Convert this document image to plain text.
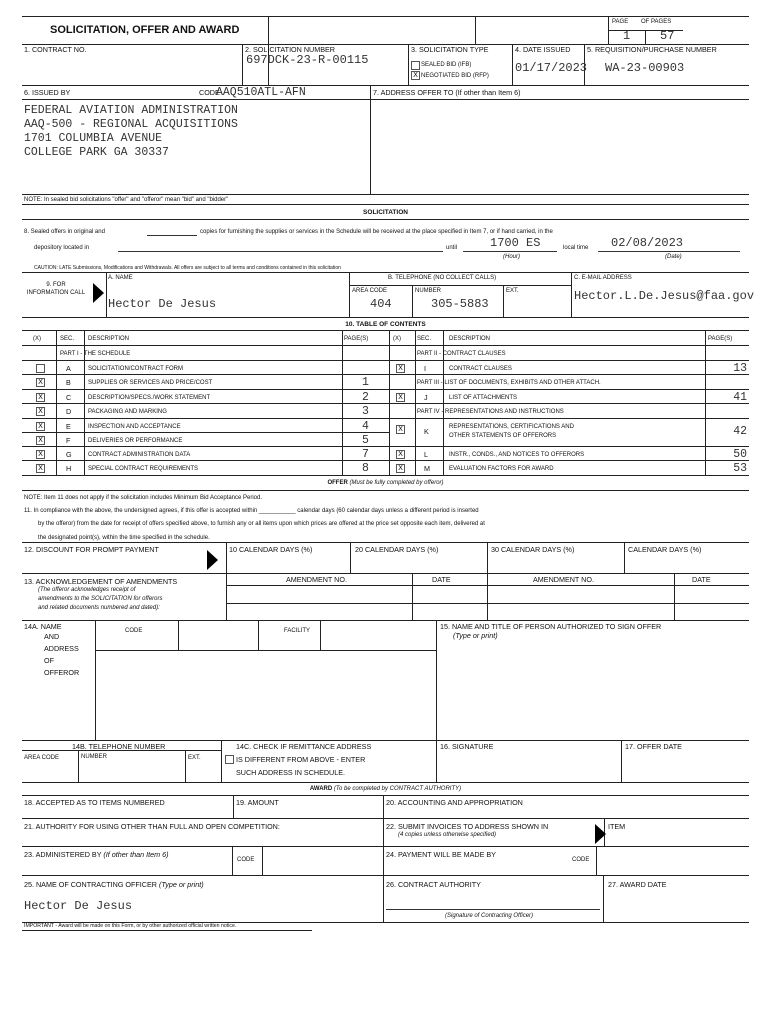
SOLICITATION, OFFER AND AWARD
PAGE OF PAGES
1 57
1. CONTRACT NO.	2. SOLICITATION NUMBER
697DCK-23-R-00115
3. SOLICITATION TYPE
SEALED BID (IFB)
X NEGOTIATED BID (RFP)
4. DATE ISSUED
01/17/2023
5. REQUISITION/PURCHASE NUMBER
WA-23-00903
6. ISSUED BY	CODE
AAQ510ATL-AFN	7. ADDRESS OFFER TO (If other than Item 6)
FEDERAL AVIATION ADMINISTRATION
AAQ-500 - REGIONAL ACQUISITIONS
1701 COLUMBIA AVENUE
COLLEGE PARK GA 30337
NOTE: In sealed bid solicitations "offer" and "offeror" mean "bid" and "bidder"
SOLICITATION
8. Sealed offers in original and	copies for furnishing the supplies or services in the Schedule will be received at the place specified in Item 7, or if hand carried, in the
depository located in	until	1700 ES	local time 02/08/2023
(Hour)	(Date)
CAUTION: LATE Submissions, Modifications and Withdrawals. All offers are subject to all terms and conditions contained in this solicitation
9. FOR INFORMATION CALL
A. NAME
Hector De Jesus
B. TELEPHONE (NO COLLECT CALLS)
AREA CODE	NUMBER	EXT.
404	305-5883
C. E-MAIL ADDRESS
Hector.L.De.Jesus@faa.gov
10. TABLE OF CONTENTS
(X)	SEC. DESCRIPTION	PAGE(S)	(X)	SEC.	DESCRIPTION	PAGE(S)
PART I - THE SCHEDULE	PART II - CONTRACT CLAUSES
PART III - LIST OF DOCUMENTS, EXHIBITS AND OTHER ATTACH.
PART IV - REPRESENTATIONS AND INSTRUCTIONS
A	SOLICITATION/CONTRACT FORM
X	B	SUPPLIES OR SERVICES AND PRICE/COST	1
X	C	DESCRIPTION/SPECS./WORK STATEMENT	2
X	D	PACKAGING AND MARKING	3
X	E	INSPECTION AND ACCEPTANCE	4
X	F	DELIVERIES OR PERFORMANCE	5
X	G	CONTRACT ADMINISTRATION DATA	7
X	H	SPECIAL CONTRACT REQUIREMENTS	8
X	I	CONTRACT CLAUSES	13
X	J	LIST OF ATTACHMENTS	41
X	K	REPRESENTATIONS, CERTIFICATIONS AND
OTHER STATEMENTS OF OFFERORS	42
X	L	INSTR., CONDS., AND NOTICES TO OFFERORS	50
X	M	EVALUATION FACTORS FOR AWARD	53
OFFER (Must be fully completed by offeror)
NOTE: Item 11 does not apply if the solicitation includes Minimum Bid Acceptance Period.
11. In compliance with the above, the undersigned agrees, if this offer is accepted within ___________ calendar days (60 calendar days unless a different period is inserted
by the offeror) from the date for receipt of offers specified above, to furnish any or all items upon which prices are offered at the price set opposite each item, delivered at
the designated point(s), within the time specified in the schedule.
12. DISCOUNT FOR PROMPT PAYMENT	10 CALENDAR DAYS (%)	20 CALENDAR DAYS (%)	30 CALENDAR DAYS (%)	CALENDAR DAYS (%)
13. ACKNOWLEDGEMENT OF AMENDMENTS
(The offeror acknowledges receipt of
amendments to the SOLICITATION for offerors
and related documents numbered and dated):
AMENDMENT NO.	DATE	AMENDMENT NO.	DATE
14A. NAME
AND
ADDRESS
OF
OFFEROR
CODE	FACILITY	15. NAME AND TITLE OF PERSON AUTHORIZED TO SIGN OFFER
(Type or print)
14B. TELEPHONE NUMBER
AREA CODE	NUMBER	EXT.
14C. CHECK IF REMITTANCE ADDRESS
IS DIFFERENT FROM ABOVE - ENTER
SUCH ADDRESS IN SCHEDULE.
16. SIGNATURE	17. OFFER DATE
AWARD (To be completed by CONTRACT AUTHORITY)
18. ACCEPTED AS TO ITEMS NUMBERED	19. AMOUNT	20. ACCOUNTING AND APPROPRIATION
21. AUTHORITY FOR USING OTHER THAN FULL AND OPEN COMPETITION:	22. SUBMIT INVOICES TO ADDRESS SHOWN IN
(4 copies unless otherwise specified)
ITEM
23. ADMINISTERED BY (If other than Item 6)
CODE
24. PAYMENT WILL BE MADE BY
CODE
25. NAME OF CONTRACTING OFFICER (Type or print)
Hector De Jesus
26. CONTRACT AUTHORITY
(Signature of Contracting Officer)
27. AWARD DATE
IMPORTANT - Award will be made on this Form, or by other authorized official written notice.
